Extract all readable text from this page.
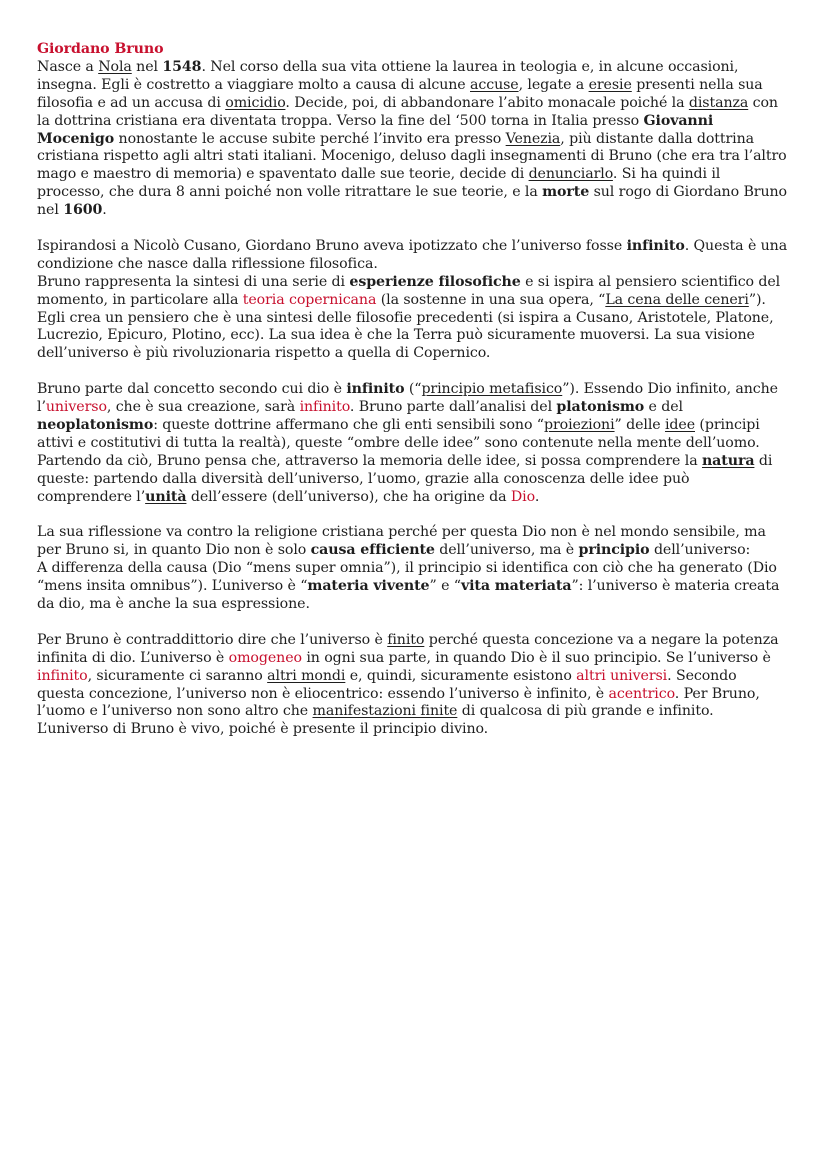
Giordano Bruno

Nasce a Nola nel 1548. Nel corso della sua vita ottiene la laurea in teologia e, in alcune occasioni, insegna. Egli è costretto a viaggiare molto a causa di alcune accuse, legate a eresie presenti nella sua filosofia e ad un accusa di omicidio. Decide, poi, di abbandonare l’abito monacale poiché la distanza con la dottrina cristiana era diventata troppa. Verso la fine del ‘500 torna in Italia presso Giovanni Mocenigo nonostante le accuse subite perché l’invito era presso Venezia, più distante dalla dottrina cristiana rispetto agli altri stati italiani. Mocenigo, deluso dagli insegnamenti di Bruno (che era tra l’altro mago e maestro di memoria) e spaventato dalle sue teorie, decide di denunciarlo. Si ha quindi il processo, che dura 8 anni poiché non volle ritrattare le sue teorie, e la morte sul rogo di Giordano Bruno nel 1600.

Ispirandosi a Nicolò Cusano, Giordano Bruno aveva ipotizzato che l’universo fosse infinito. Questa è una condizione che nasce dalla riflessione filosofica.
Bruno rappresenta la sintesi di una serie di esperienze filosofiche e si ispira al pensiero scientifico del momento, in particolare alla teoria copernicana (la sostenne in una sua opera, “La cena delle ceneri”). Egli crea un pensiero che è una sintesi delle filosofie precedenti (si ispira a Cusano, Aristotele, Platone, Lucrezio, Epicuro, Plotino, ecc). La sua idea è che la Terra può sicuramente muoversi. La sua visione dell’universo è più rivoluzionaria rispetto a quella di Copernico.

Bruno parte dal concetto secondo cui dio è infinito (“principio metafisico”). Essendo Dio infinito, anche l’universo, che è sua creazione, sarà infinito. Bruno parte dall’analisi del platonismo e del neoplatonismo: queste dottrine affermano che gli enti sensibili sono “proiezioni” delle idee (principi attivi e costitutivi di tutta la realtà), queste “ombre delle idee” sono contenute nella mente dell’uomo. Partendo da ciò, Bruno pensa che, attraverso la memoria delle idee, si possa comprendere la natura di queste: partendo dalla diversità dell’universo, l’uomo, grazie alla conoscenza delle idee può comprendere l’unità dell’essere (dell’universo), che ha origine da Dio.

La sua riflessione va contro la religione cristiana perché per questa Dio non è nel mondo sensibile, ma per Bruno si, in quanto Dio non è solo causa efficiente dell’universo, ma è principio dell’universo:
A differenza della causa (Dio “mens super omnia”), il principio si identifica con ciò che ha generato (Dio “mens insita omnibus”). L’universo è “materia vivente” e “vita materiata”: l’universo è materia creata da dio, ma è anche la sua espressione.

Per Bruno è contraddittorio dire che l’universo è finito perché questa concezione va a negare la potenza infinita di dio. L’universo è omogeneo in ogni sua parte, in quando Dio è il suo principio. Se l’universo è infinito, sicuramente ci saranno altri mondi e, quindi, sicuramente esistono altri universi. Secondo questa concezione, l’universo non è eliocentrico: essendo l’universo è infinito, è acentrico. Per Bruno, l’uomo e l’universo non sono altro che manifestazioni finite di qualcosa di più grande e infinito. L’universo di Bruno è vivo, poiché è presente il principio divino.
